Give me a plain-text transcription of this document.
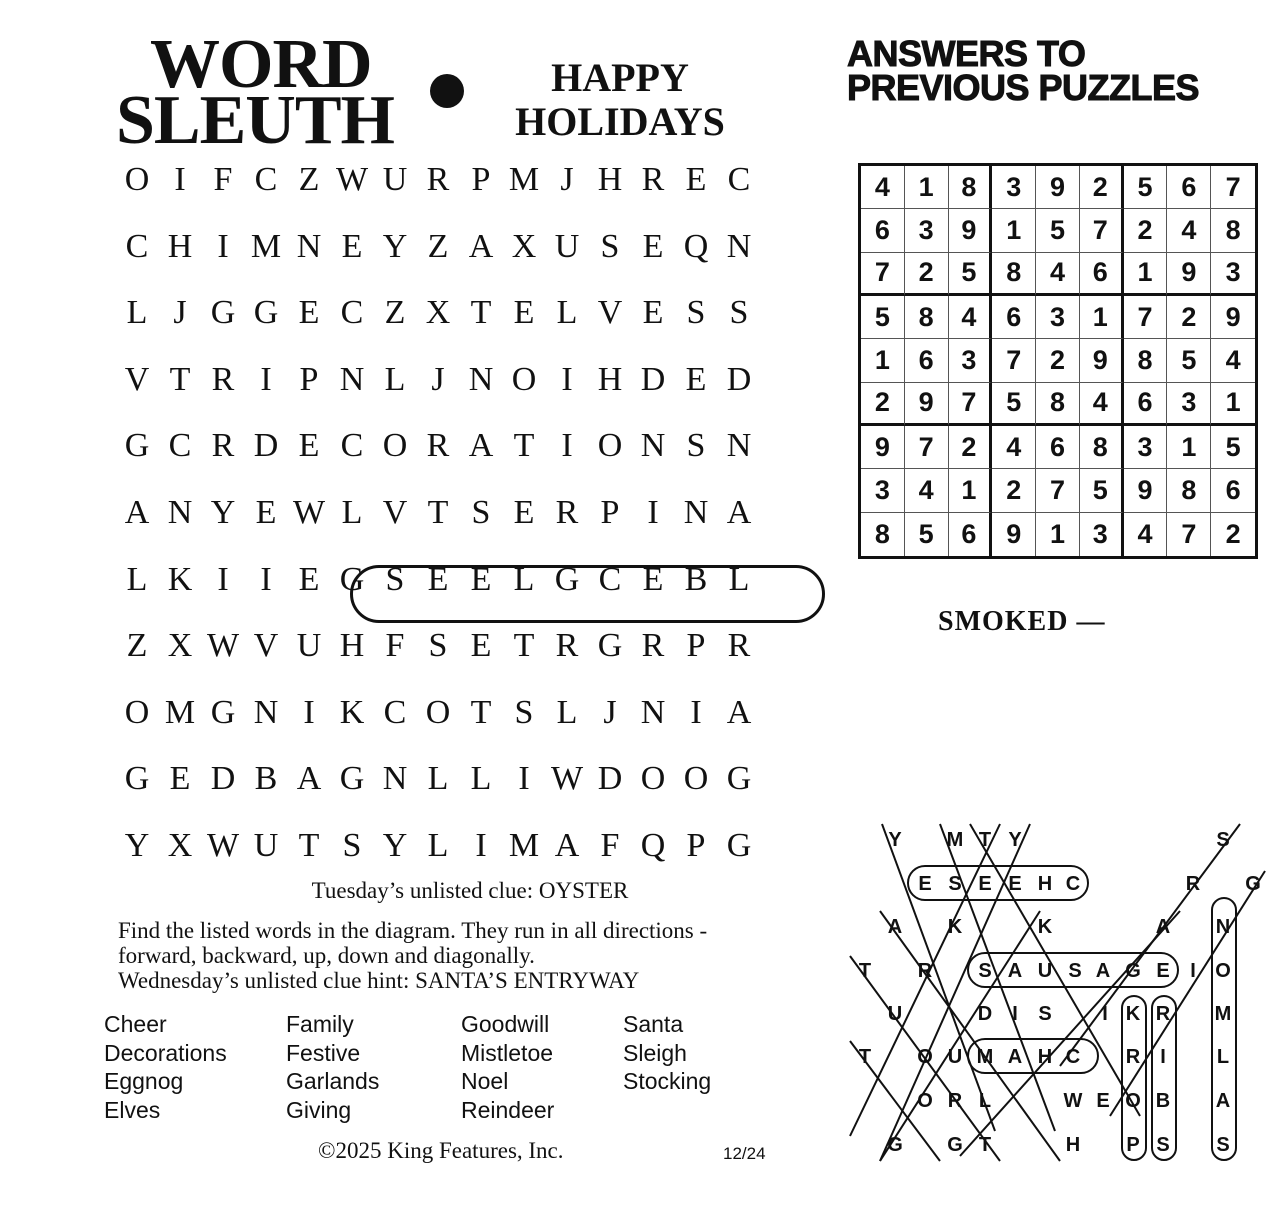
WORD
SLEUTH
HAPPY
HOLIDAYS
O I F C Z W U R P M J H R E C
C H I M N E Y Z A X U S E Q N
L J G G E C Z X T E L V E S S
V T R I P N L J N O I H D E D
G C R D E C O R A T I O N S N
A N Y E W L V T S E R P I N A
L K I I E G S E E L G C E B L
Z X W V U H F S E T R G R P R
O M G N I K C O T S L J N I A
G E D B A G N L L I W D O O G
Y X W U T S Y L I M A F Q P G
Tuesday’s unlisted clue: OYSTER
Find the listed words in the diagram. They run in all directions -
forward, backward, up, down and diagonally.
Wednesday’s unlisted clue hint: SANTA’S ENTRYWAY
Cheer
Decorations
Eggnog
Elves
Family
Festive
Garlands
Giving
Goodwill
Mistletoe
Noel
Reindeer
Santa
Sleigh
Stocking
©2025 King Features, Inc.	12/24
ANSWERS TO
PREVIOUS PUZZLES
4	1	8	3	9	2	5	6	7
6	3	9	1	5	7	2	4	8
7	2	5	8	4	6	1	9	3
5	8	4	6	3	1	7	2	9
1	6	3	7	2	9	8	5	4
2	9	7	5	8	4	6	3	1
9	7	2	4	6	8	3	1	5
3	4	1	2	7	5	9	8	6
8	5	6	9	1	3	4	7	2
SMOKED —
Y M T Y	S
E S E E H C	R G
A K	K	A N
T R S A U S A G E I O
U	D I S	I K R M
T O U M A H C R I	L
O R L	W E O B A
G G T	H P S S
